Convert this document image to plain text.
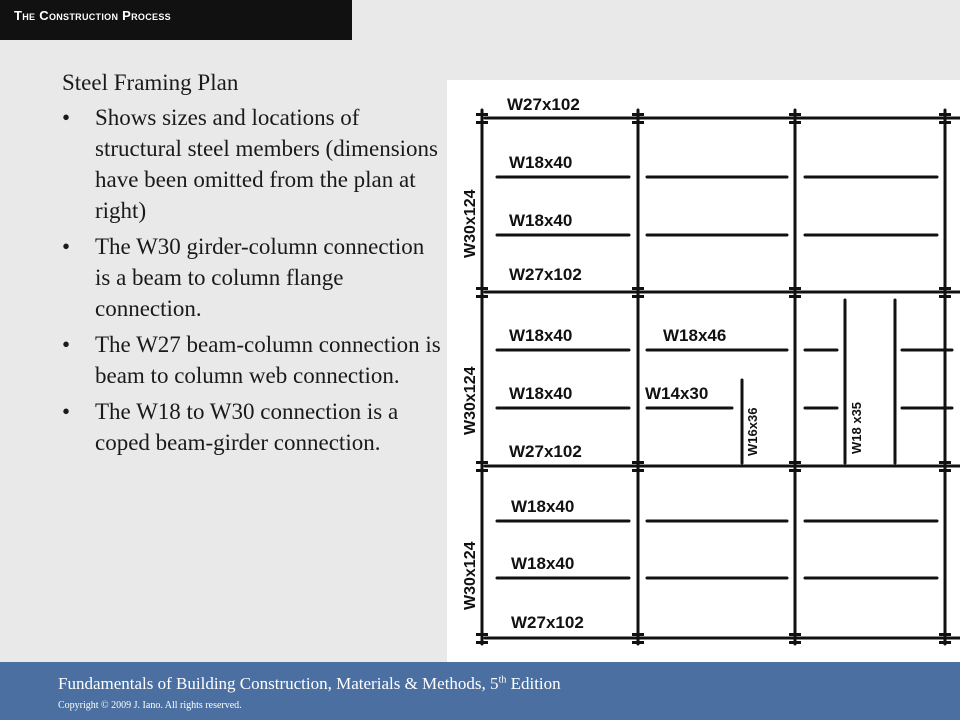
The Construction Process
Steel Framing Plan
• Shows sizes and locations of structural steel members (dimensions have been omitted from the plan at right)
• The W30 girder-column connection is a beam to column flange connection.
• The W27 beam-column connection is beam to column web connection.
• The W18 to W30 connection is a coped beam-girder connection.
W27x102
W18x40
W18x40
W27x102
W18x40
W18x40
W27x102
W18x40
W18x40
W27x102
W18x46
W14x30
W16x36	W18 x35
W30x124
W30x124
W30x124
Fundamentals of Building Construction, Materials & Methods, 5th Edition
Copyright © 2009 J. Iano. All rights reserved.
